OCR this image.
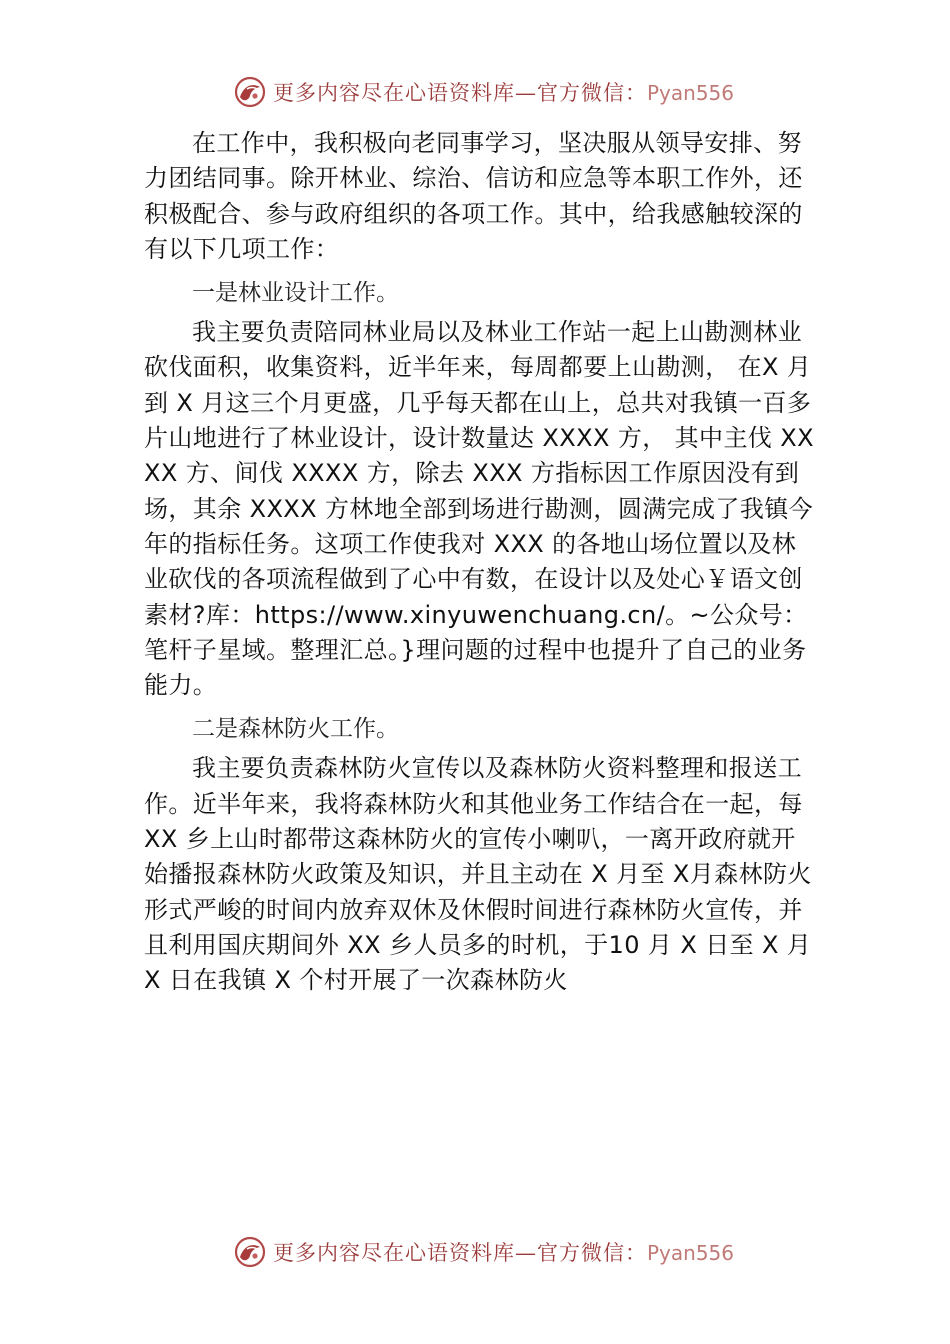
更多内容尽在心语资料库—官方微信：Pyan556

在工作中，我积极向老同事学习，坚决服从领导安排、努力团结同事。除开林业、综治、信访和应急等本职工作外，还积极配合、参与政府组织的各项工作。其中，给我感触较深的有以下几项工作：

一是林业设计工作。

我主要负责陪同林业局以及林业工作站一起上山勘测林业砍伐面积，收集资料，近半年来，每周都要上山勘测， 在X 月到 X 月这三个月更盛，几乎每天都在山上，总共对我镇一百多片山地进行了林业设计，设计数量达 XXXX 方， 其中主伐 XXXX 方、间伐 XXXX 方，除去 XXX 方指标因工作原因没有到场，其余 XXXX 方林地全部到场进行勘测，圆满完成了我镇今年的指标任务。这项工作使我对 XXX 的各地山场位置以及林业砍伐的各项流程做到了心中有数，在设计以及处心￥语文创素材?库：https://www.xinyuwenchuang.cn/。~公众号：笔杆子星域。整理汇总。}理问题的过程中也提升了自己的业务能力。

二是森林防火工作。

我主要负责森林防火宣传以及森林防火资料整理和报送工作。近半年来，我将森林防火和其他业务工作结合在一起，每 XX 乡上山时都带这森林防火的宣传小喇叭，一离开政府就开始播报森林防火政策及知识，并且主动在 X 月至 X月森林防火形式严峻的时间内放弃双休及休假时间进行森林防火宣传，并且利用国庆期间外 XX 乡人员多的时机，于10 月 X 日至 X 月 X 日在我镇 X 个村开展了一次森林防火

更多内容尽在心语资料库—官方微信：Pyan556
